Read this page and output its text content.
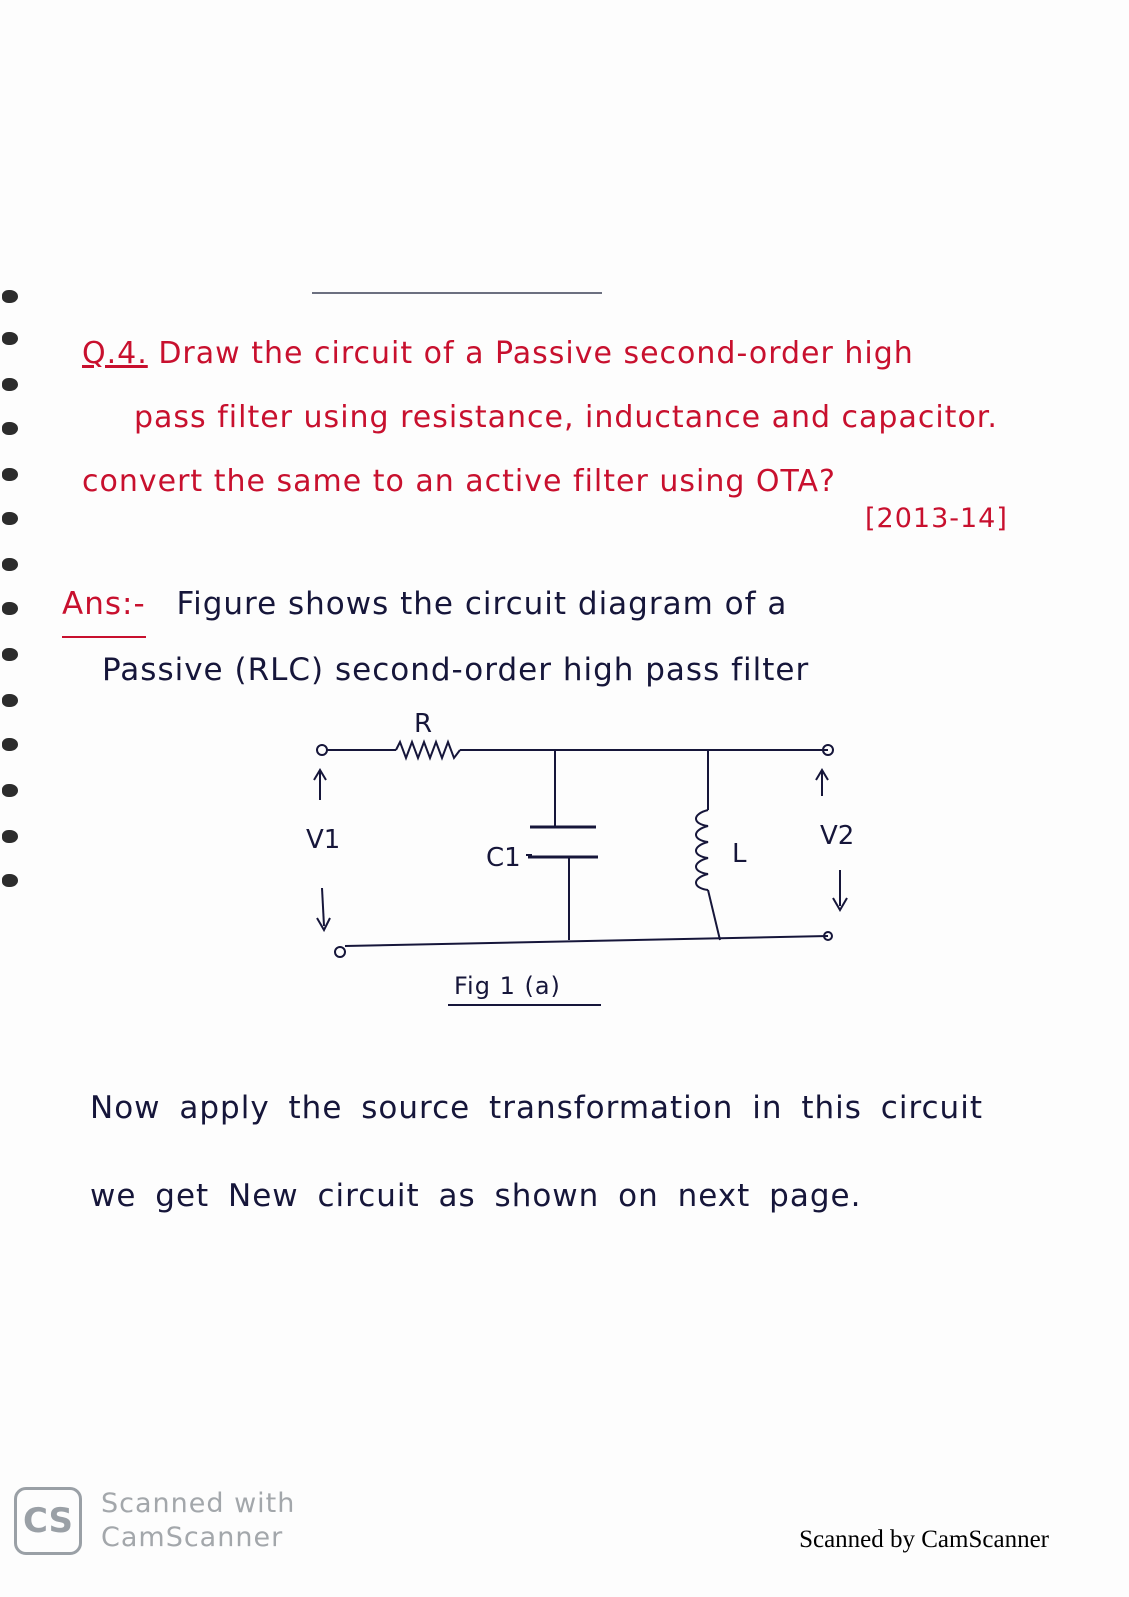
Q.4. Draw the circuit of a Passive second-order high
pass filter using resistance, inductance and capacitor.
convert the same to an active filter using OTA?
[2013-14]
Ans:- Figure shows the circuit diagram of a
Passive (RLC) second-order high pass filter
R
C1	L
V1	V2
Fig 1 (a)
Now apply the source transformation in this circuit
we get New circuit as shown on next page.
CS	Scanned with
CamScanner	Scanned by CamScanner
